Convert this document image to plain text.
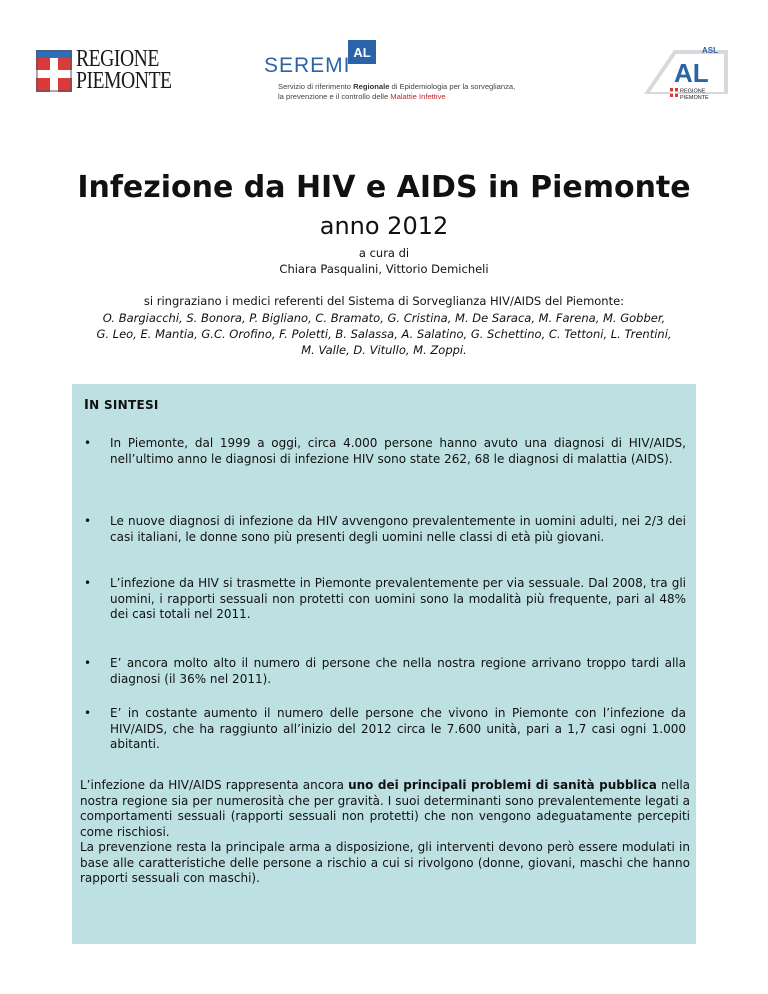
REGIONE
PIEMONTE
AL
SEREMI
Servizio di riferimento Regionale di Epidemiologia per la sorveglianza,
la prevenzione e il controllo delle Malattie Infettive
ASL
AL
REGIONE
PIEMONTE
Infezione da HIV e AIDS in Piemonte
anno 2012
a cura di
Chiara Pasqualini, Vittorio Demicheli
si ringraziano i medici referenti del Sistema di Sorveglianza HIV/AIDS del Piemonte:
O. Bargiacchi, S. Bonora, P. Bigliano, C. Bramato, G. Cristina, M. De Saraca, M. Farena, M. Gobber,
G. Leo, E. Mantia, G.C. Orofino, F. Poletti, B. Salassa, A. Salatino, G. Schettino, C. Tettoni, L. Trentini,
M. Valle, D. Vitullo, M. Zoppi.
IN SINTESI
• In Piemonte, dal 1999 a oggi, circa 4.000 persone hanno avuto una diagnosi di HIV/AIDS, nell’ultimo anno le diagnosi di infezione HIV sono state 262, 68 le diagnosi di malattia (AIDS).
• Le nuove diagnosi di infezione da HIV avvengono prevalentemente in uomini adulti, nei 2/3 dei casi italiani, le donne sono più presenti degli uomini nelle classi di età più giovani.
• L’infezione da HIV si trasmette in Piemonte prevalentemente per via sessuale. Dal 2008, tra gli uomini, i rapporti sessuali non protetti con uomini sono la modalità più frequente, pari al 48% dei casi totali nel 2011.
• E’ ancora molto alto il numero di persone che nella nostra regione arrivano troppo tardi alla diagnosi (il 36% nel 2011).
• E’ in costante aumento il numero delle persone che vivono in Piemonte con l’infezione da HIV/AIDS, che ha raggiunto all’inizio del 2012 circa le 7.600 unità, pari a 1,7 casi ogni 1.000 abitanti.

L’infezione da HIV/AIDS rappresenta ancora uno dei principali problemi di sanità pubblica nella nostra regione sia per numerosità che per gravità. I suoi determinanti sono prevalentemente legati a comportamenti sessuali (rapporti sessuali non protetti) che non vengono adeguatamente percepiti come rischiosi.

La prevenzione resta la principale arma a disposizione, gli interventi devono però essere modulati in base alle caratteristiche delle persone a rischio a cui si rivolgono (donne, giovani, maschi che hanno rapporti sessuali con maschi).
